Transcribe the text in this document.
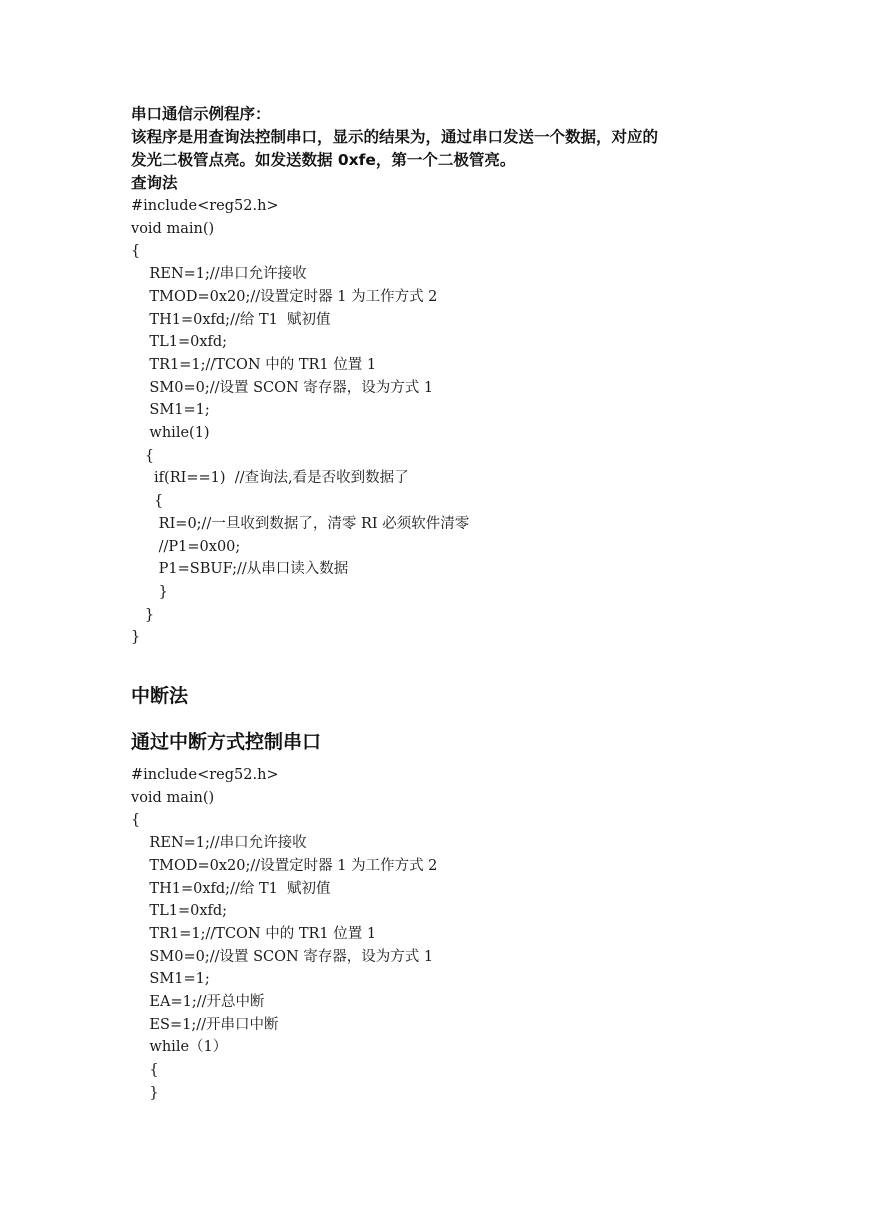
串口通信示例程序：
该程序是用查询法控制串口，显示的结果为，通过串口发送一个数据，对应的
发光二极管点亮。如发送数据 0xfe，第一个二极管亮。
查询法
#include<reg52.h>
void main()
{
REN=1;//串口允许接收
TMOD=0x20;//设置定时器 1 为工作方式 2
TH1=0xfd;//给 T1  赋初值
TL1=0xfd;
TR1=1;//TCON 中的 TR1 位置 1
SM0=0;//设置 SCON 寄存器，设为方式 1
SM1=1;
while(1)
{
if(RI==1)  //查询法,看是否收到数据了
{
RI=0;//一旦收到数据了，清零 RI 必须软件清零
//P1=0x00;
P1=SBUF;//从串口读入数据
}
}
}
中断法
通过中断方式控制串口
#include<reg52.h>
void main()
{
REN=1;//串口允许接收
TMOD=0x20;//设置定时器 1 为工作方式 2
TH1=0xfd;//给 T1  赋初值
TL1=0xfd;
TR1=1;//TCON 中的 TR1 位置 1
SM0=0;//设置 SCON 寄存器，设为方式 1
SM1=1;
EA=1;//开总中断
ES=1;//开串口中断
while（1）
{
}
